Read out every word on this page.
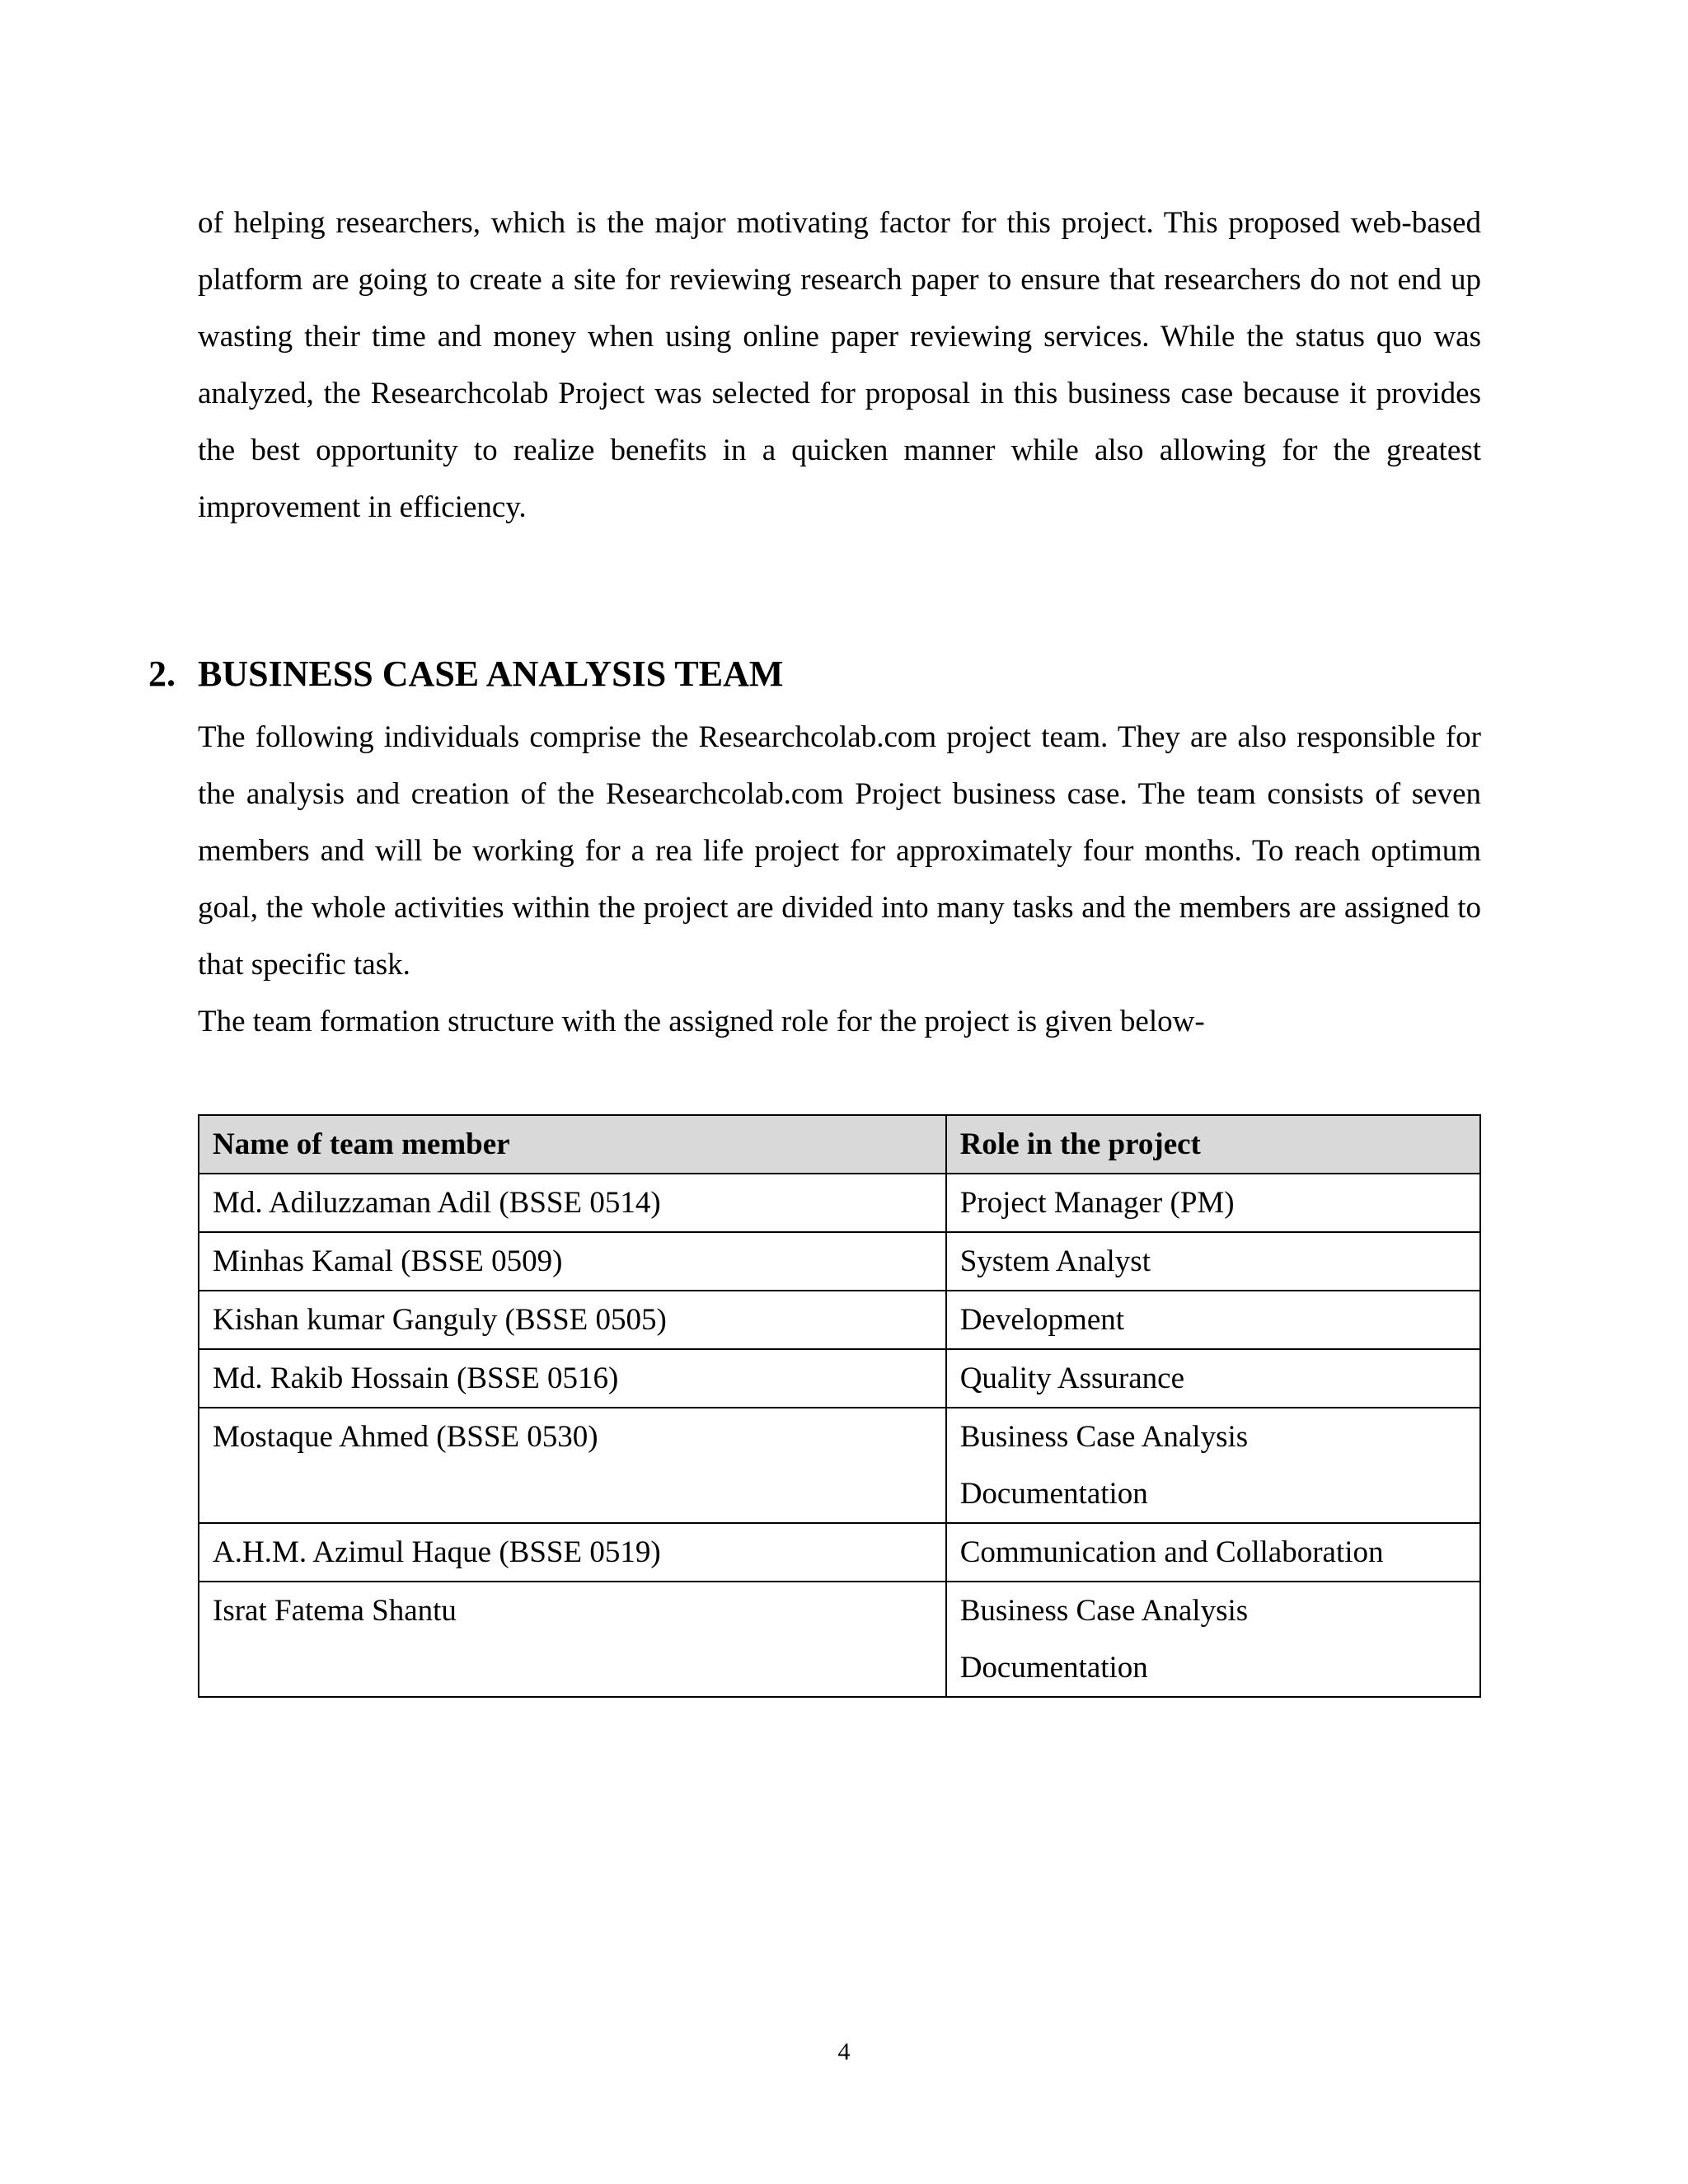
of helping researchers, which is the major motivating factor for this project. This proposed web-based platform are going to create a site for reviewing research paper to ensure that researchers do not end up wasting their time and money when using online paper reviewing services. While the status quo was analyzed, the Researchcolab Project was selected for proposal in this business case because it provides the best opportunity to realize benefits in a quicken manner while also allowing for the greatest improvement in efficiency.

2. BUSINESS CASE ANALYSIS TEAM

The following individuals comprise the Researchcolab.com project team. They are also responsible for the analysis and creation of the Researchcolab.com Project business case. The team consists of seven members and will be working for a rea life project for approximately four months. To reach optimum goal, the whole activities within the project are divided into many tasks and the members are assigned to that specific task.

The team formation structure with the assigned role for the project is given below-

Name of team member	Role in the project
Md. Adiluzzaman Adil (BSSE 0514)	Project Manager (PM)

Minhas Kamal (BSSE 0509)	System Analyst

Kishan kumar Ganguly (BSSE 0505)	Development

Md. Rakib Hossain (BSSE 0516)	Quality Assurance

Mostaque Ahmed (BSSE 0530)	Business Case Analysis
Documentation

A.H.M. Azimul Haque (BSSE 0519)	Communication and Collaboration

Israt Fatema Shantu	Business Case Analysis
Documentation
4
